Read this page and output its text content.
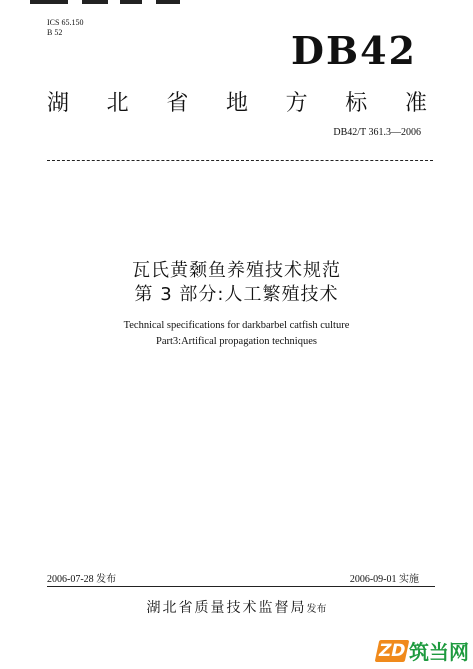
ICS 65.150
B 52	DB42
湖 北 省 地 方 标 准
DB42/T 361.3—2006
瓦氏黄颡鱼养殖技术规范
第 3 部分:人工繁殖技术
Technical specifications for darkbarbel catfish culture
Part3:Artifical propagation techniques
2006-07-28 发布	2006-09-01 实施
湖北省质量技术监督局发布
ZD 筑当网
